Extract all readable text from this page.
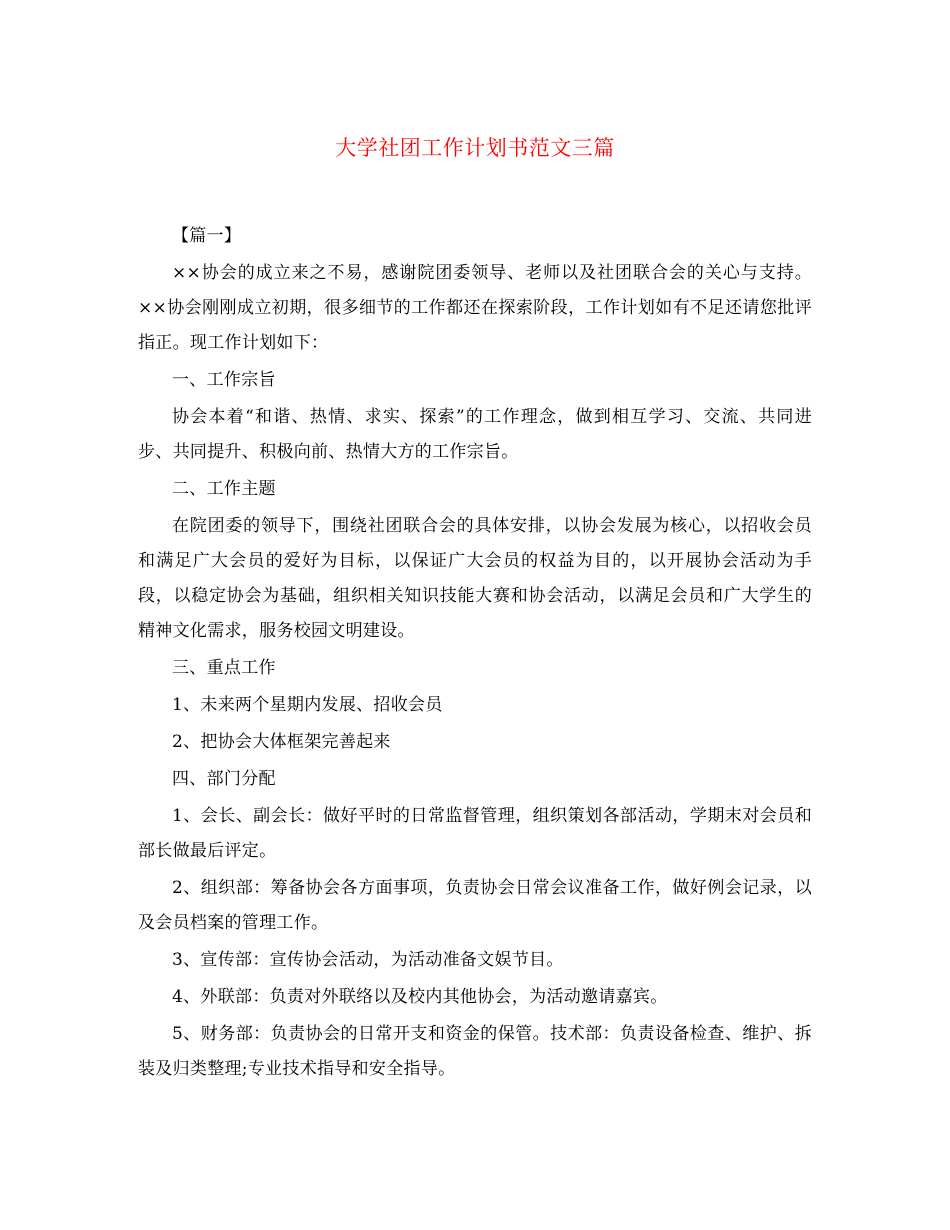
大学社团工作计划书范文三篇

【篇一】

××协会的成立来之不易，感谢院团委领导、老师以及社团联合会的关心与支持。××协会刚刚成立初期，很多细节的工作都还在探索阶段，工作计划如有不足还请您批评指正。现工作计划如下：

一、工作宗旨

协会本着“和谐、热情、求实、探索”的工作理念，做到相互学习、交流、共同进步、共同提升、积极向前、热情大方的工作宗旨。

二、工作主题

在院团委的领导下，围绕社团联合会的具体安排，以协会发展为核心，以招收会员和满足广大会员的爱好为目标，以保证广大会员的权益为目的，以开展协会活动为手段，以稳定协会为基础，组织相关知识技能大赛和协会活动，以满足会员和广大学生的精神文化需求，服务校园文明建设。

三、重点工作

1、未来两个星期内发展、招收会员

2、把协会大体框架完善起来

四、部门分配

1、会长、副会长：做好平时的日常监督管理，组织策划各部活动，学期末对会员和部长做最后评定。

2、组织部：筹备协会各方面事项，负责协会日常会议准备工作，做好例会记录，以及会员档案的管理工作。

3、宣传部：宣传协会活动，为活动准备文娱节目。

4、外联部：负责对外联络以及校内其他协会，为活动邀请嘉宾。

5、财务部：负责协会的日常开支和资金的保管。技术部：负责设备检查、维护、拆装及归类整理;专业技术指导和安全指导。
